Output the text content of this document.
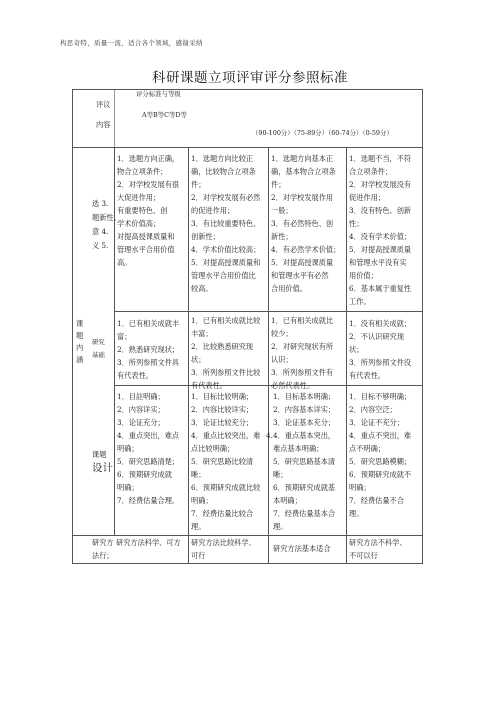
构思奇特，质量一流，适合各个领域，感谢采纳
科研课题立项评审评分参照标准
评议
内容
评分标准与等级
A等B等C等D等
（90-100分）（75-89分）（60-74分）（0-59分）
课
题
内
涵
选 3.
题新性、
意 4.
义 5.
1．选题方向正确，
物合立项条件；
2．对学校发展有很
大促进作用；
有重要特色、创
学术价值高；
对提高授课质量和
管理水平合用价值
高。
1．选题方向比较正
确，比较物合立项条
件；
2．对学校发展有必然
的促进作用；
3．有比较重要特色、
创新性；
4．学术价值比较高；
5．对提高授课质量和
管理水平合用价值比
较高。
1．选题方向基本正
确，基本物合立项条
件；
2．对学校发展作用
一般；
3．有必然特色、创
新性；
4．有必然学术价值；
5．对提高授课质量
和管理水平有必然
合用价值。
1．选题不当，不符
合立项条件；
2．对学校发展没有
促进作用；
3．没有特色、创新
性；
4．没有学术价值；
5．对提高授课质量
和管理水平没有实
用价值；
6．基本属于重复性
工作。
研究
基础
1．已有相关成就丰
富；
2．熟悉研究现状；
3．所列参照文件具
有代表性。
1．已有相关成就比较
丰富；
2．比较熟悉研究现
状；
3．所列参照文件比较
有代表性。
1．已有相关成就比
较少；
2．对研究现状有所
认识；
3．所列参照文件有
必然代表性。
1．没有相关成就；
2．不认识研究现
状；
3．所列参照文件没
有代表性。
课题
设计
1．目註明确；
2．内容详实；
3．论证充分；
4．重点突出，难点
明确；
5．研究思路清楚；
6．预期研究成就
明确；
7．经费估量合理。
1．目标比较明确；
2．内容比较详实；
3．论证比较充分；
4．重点比较突出，难
点比较明确；
5．研究思路比较清
晰；
6．预期研究成就比较
明确；
7．经费估量比较合
理。
4.
1．目标基本明确；
2．内容基本详实；
3．论证基本充分；
4．重点基本突出，
难点基本明确；
5．研究思路基本清
晰；
6．预期研究成就基
本明确；
7．经费估量基本合
理。
1．目标不够明确；
2．内容空泛；
3．论证不充分；
4．重点不突出，难
点不明确；
5．研究思路模糊；
6．预期研究成就不
明确；
7．经费估量不合
理。
研究方法行；
研究方法科学、可方 研究方法比较科学、
可行
研究方法基本适合
研究方法不科学、
不可以行
